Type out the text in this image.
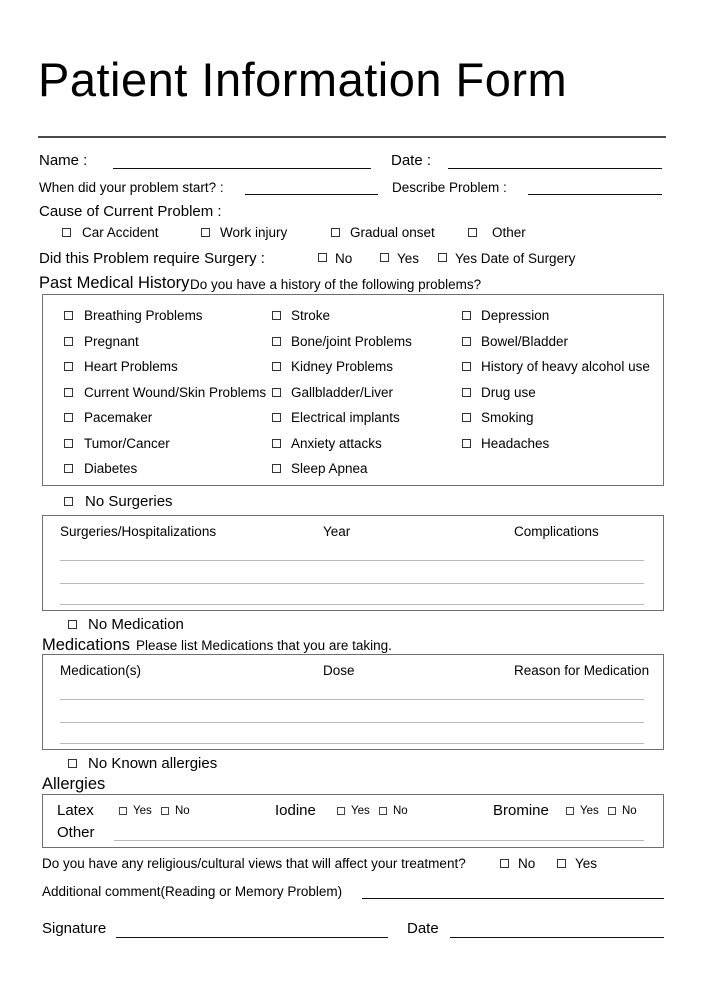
Patient Information Form
Name :	Date :
When did your problem start? :	Describe Problem :
Cause of Current Problem :
Car Accident	Work injury	Gradual onset	Other
Did this Problem require Surgery :	No	Yes	Yes Date of Surgery
Past Medical History Do you have a history of the following problems?
Breathing Problems
Pregnant
Heart Problems
Current Wound/Skin Problems
Pacemaker
Tumor/Cancer
Diabetes
Stroke
Bone/joint Problems
Kidney Problems
Gallbladder/Liver
Electrical implants
Anxiety attacks
Sleep Apnea
Depression
Bowel/Bladder
History of heavy alcohol use
Drug use
Smoking
Headaches
No Surgeries
Surgeries/Hospitalizations	Year	Complications
No Medication
Medications Please list Medications that you are taking.
Medication(s)	Dose	Reason for Medication
No Known allergies
Allergies
Latex	Yes No	Iodine	Yes No	Bromine	Yes No
Other
Do you have any religious/cultural views that will affect your treatment?	No	Yes
Additional comment(Reading or Memory Problem)
Signature	Date
